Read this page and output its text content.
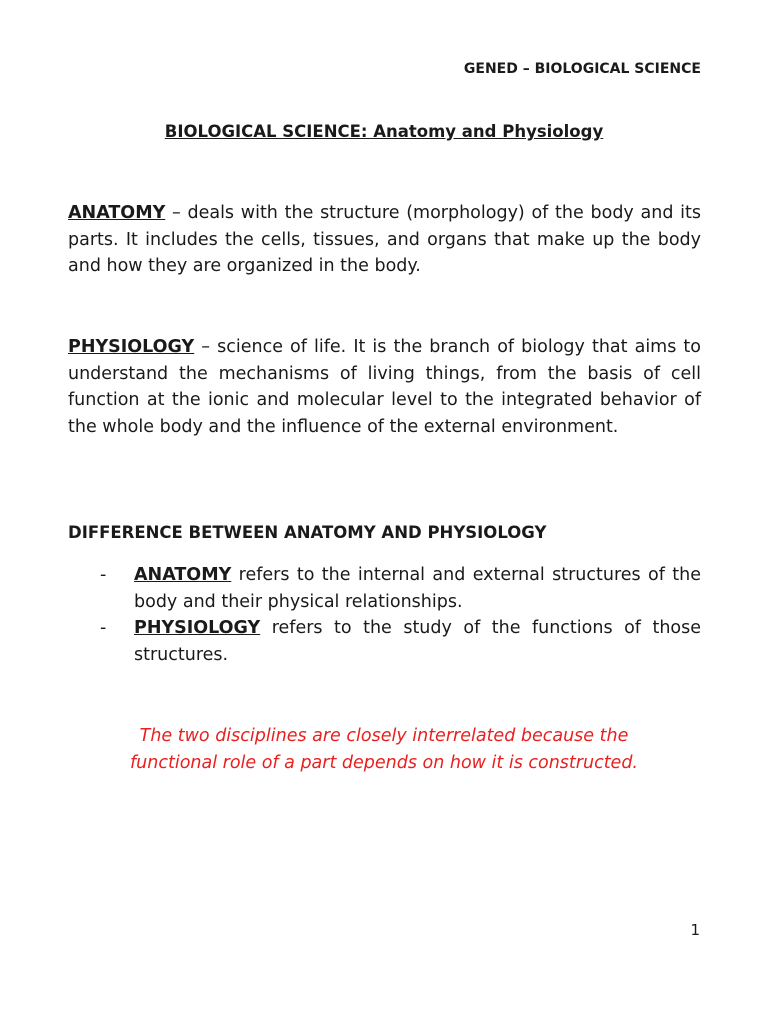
GENED – BIOLOGICAL SCIENCE
BIOLOGICAL SCIENCE: Anatomy and Physiology

ANATOMY – deals with the structure (morphology) of the body and its parts. It includes the cells, tissues, and organs that make up the body and how they are organized in the body.

PHYSIOLOGY – science of life. It is the branch of biology that aims to understand the mechanisms of living things, from the basis of cell function at the ionic and molecular level to the integrated behavior of the whole body and the influence of the external environment.

DIFFERENCE BETWEEN ANATOMY AND PHYSIOLOGY
- ANATOMY refers to the internal and external structures of the body and their physical relationships.
- PHYSIOLOGY refers to the study of the functions of those structures.
The two disciplines are closely interrelated because the
functional role of a part depends on how it is constructed.
1
